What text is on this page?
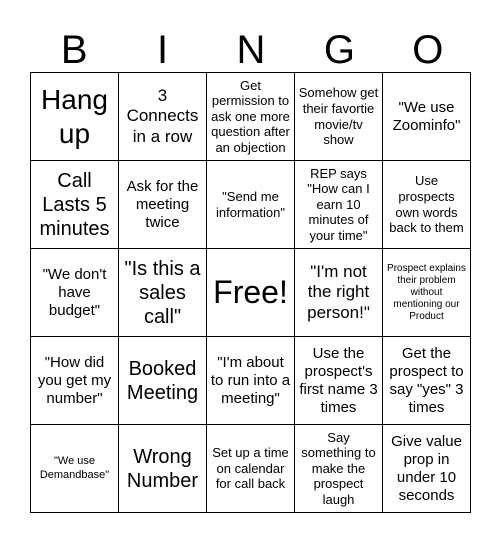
B	I	N	G	O
Hang up
3 Connects in a row
Get permission to ask one more question after an objection
Somehow get their favortie movie/tv show
"We use Zoominfo"
Call Lasts 5 minutes
Ask for the meeting twice
"Send me information"
REP says "How can I earn 10 minutes of your time"
Use prospects own words back to them
"We don't have budget"
"Is this a sales call"
Free!
"I'm not the right person!"
Prospect explains their problem without mentioning our Product
"How did you get my number"
Booked Meeting
"I'm about to run into a meeting"
Use the prospect's first name 3 times
Get the prospect to say "yes" 3 times
"We use Demandbase"
Wrong Number
Set up a time on calendar for call back
Say something to make the prospect laugh
Give value prop in under 10 seconds
